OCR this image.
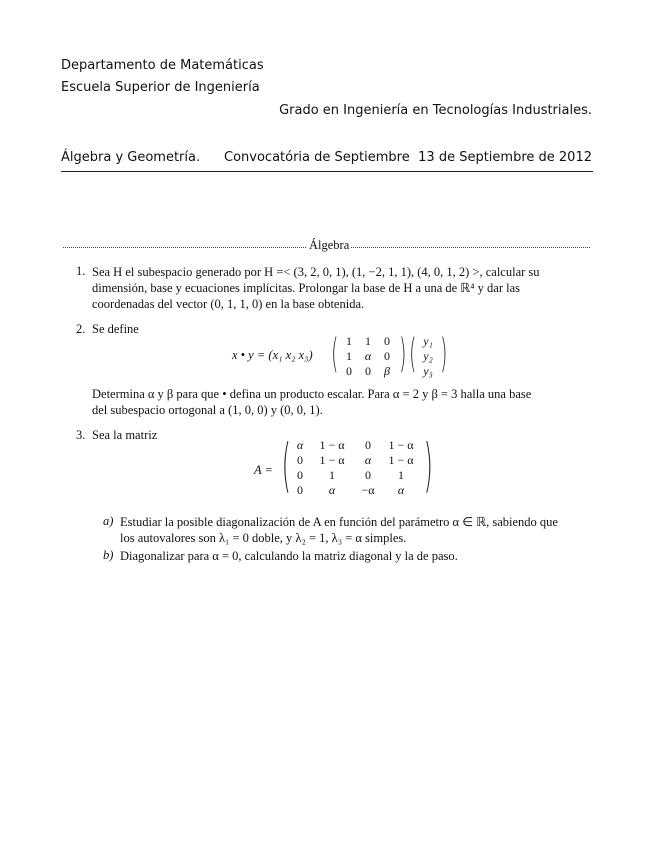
Departamento de Matemáticas
Escuela Superior de Ingeniería
Grado en Ingeniería en Tecnologías Industriales.
Álgebra y Geometría. Convocatória de Septiembre 13 de Septiembre de 2012
Álgebra
1. Sea H el subespacio generado por H =< (3, 2, 0, 1), (1, −2, 1, 1), (4, 0, 1, 2) >, calcular su
dimensión, base y ecuaciones implícitas. Prolongar la base de H a una de ℝ⁴ y dar las
coordenadas del vector (0, 1, 1, 0) en la base obtenida.
2. Se define
x • y = (x₁ x₂ x₃) ( 1	1	0
1	α	0
0	0	β ) ( y₁
y₂
y₃ )
Determina α y β para que • defina un producto escalar. Para α = 2 y β = 3 halla una base
del subespacio ortogonal a (1, 0, 0) y (0, 0, 1).
3. Sea la matriz
A = ( α	1 − α	0	1 − α
0	1 − α	α	1 − α
0	1	0	1
0	α	−α	α )
a) Estudiar la posible diagonalización de A en función del parámetro α ∈ ℝ, sabiendo que
los autovalores son λ₁ = 0 doble, y λ₂ = 1, λ₃ = α simples.
b) Diagonalizar para α = 0, calculando la matriz diagonal y la de paso.
